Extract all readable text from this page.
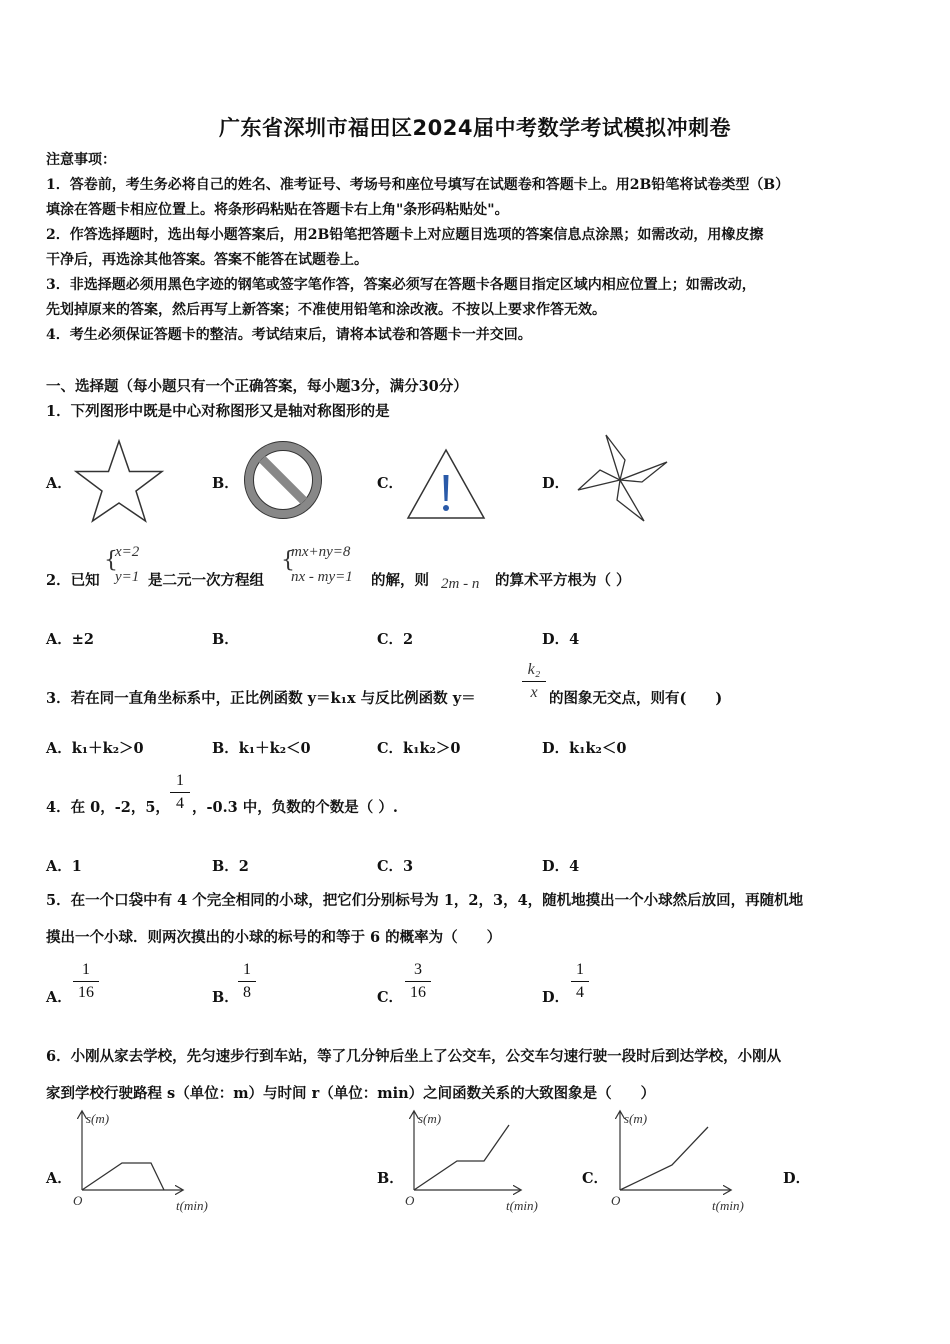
广东省深圳市福田区2024届中考数学考试模拟冲刺卷
注意事项：
1．答卷前，考生务必将自己的姓名、准考证号、考场号和座位号填写在试题卷和答题卡上。用2B铅笔将试卷类型（B）
填涂在答题卡相应位置上。将条形码粘贴在答题卡右上角"条形码粘贴处"。
2．作答选择题时，选出每小题答案后，用2B铅笔把答题卡上对应题目选项的答案信息点涂黑；如需改动，用橡皮擦
干净后，再选涂其他答案。答案不能答在试题卷上。
3．非选择题必须用黑色字迹的钢笔或签字笔作答，答案必须写在答题卡各题目指定区域内相应位置上；如需改动，
先划掉原来的答案，然后再写上新答案；不准使用铅笔和涂改液。不按以上要求作答无效。
4．考生必须保证答题卡的整洁。考试结束后，请将本试卷和答题卡一并交回。
一、选择题（每小题只有一个正确答案，每小题3分，满分30分）
1．下列图形中既是中心对称图形又是轴对称图形的是
A．	B．	C．	D．
2．已知
{
x=2
y=1 是二元一次方程组
{
mx+ny=8
nx - my=1 的解，则 2m - n 的算术平方根为（ ）
A．±2	B．	C．2	D．4
3．若在同一直角坐标系中，正比例函数 y＝k₁x 与反比例函数 y＝
k₂
x 的图象无交点，则有(　　)
A．k₁＋k₂＞0	B．k₁＋k₂＜0	C．k₁k₂＞0	D．k₁k₂＜0
4．在 0，-2，5，
1
4 ，-0.3 中，负数的个数是（ ）.
A．1	B．2	C．3	D．4
5．在一个口袋中有 4 个完全相同的小球，把它们分别标号为 1，2，3，4，随机地摸出一个小球然后放回，再随机地
摸出一个小球．则两次摸出的小球的标号的和等于 6 的概率为（　　）
A．
1
16	B．
1
8	C．
3
16	D．
1
4
6．小刚从家去学校，先匀速步行到车站，等了几分钟后坐上了公交车，公交车匀速行驶一段时后到达学校，小刚从
家到学校行驶路程 s（单位：m）与时间 r（单位：min）之间函数关系的大致图象是（　　）
A．	B．	C．	D．
s(m)
O	t(min)
s(m)
O	t(min)
s(m)
O	t(min)
